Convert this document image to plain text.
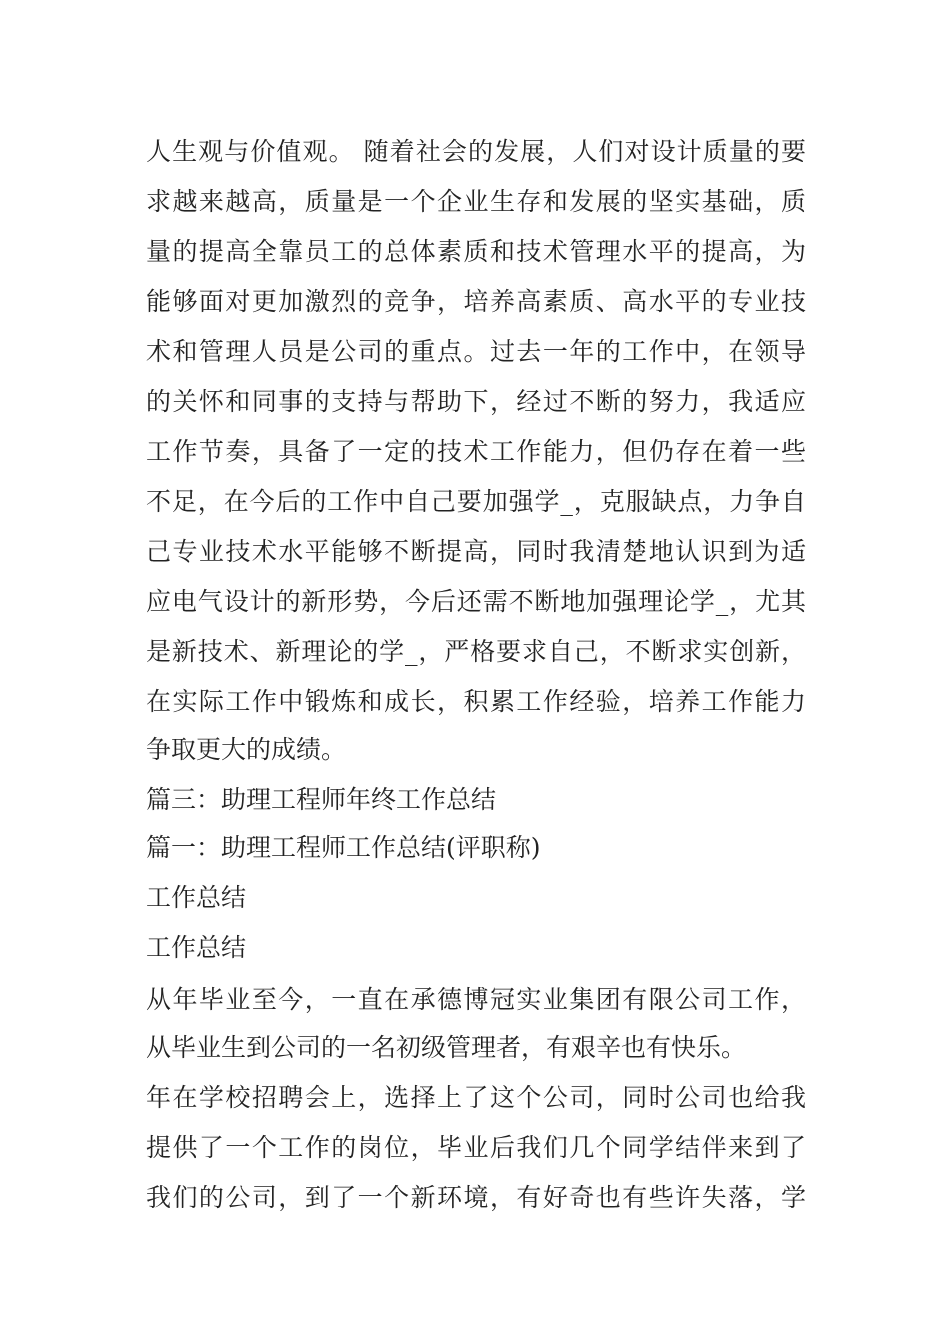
人生观与价值观。 随着社会的发展，人们对设计质量的要
求越来越高，质量是一个企业生存和发展的坚实基础，质
量的提高全靠员工的总体素质和技术管理水平的提高，为
能够面对更加激烈的竞争，培养高素质、高水平的专业技
术和管理人员是公司的重点。过去一年的工作中，在领导
的关怀和同事的支持与帮助下，经过不断的努力，我适应
工作节奏，具备了一定的技术工作能力，但仍存在着一些
不足，在今后的工作中自己要加强学_，克服缺点，力争自
己专业技术水平能够不断提高，同时我清楚地认识到为适
应电气设计的新形势，今后还需不断地加强理论学_，尤其
是新技术、新理论的学_，严格要求自己，不断求实创新，
在实际工作中锻炼和成长，积累工作经验，培养工作能力
争取更大的成绩。
篇三：助理工程师年终工作总结
篇一：助理工程师工作总结(评职称)
工作总结
工作总结
从年毕业至今，一直在承德博冠实业集团有限公司工作，
从毕业生到公司的一名初级管理者，有艰辛也有快乐。
年在学校招聘会上，选择上了这个公司，同时公司也给我
提供了一个工作的岗位，毕业后我们几个同学结伴来到了
我们的公司，到了一个新环境，有好奇也有些许失落，学
